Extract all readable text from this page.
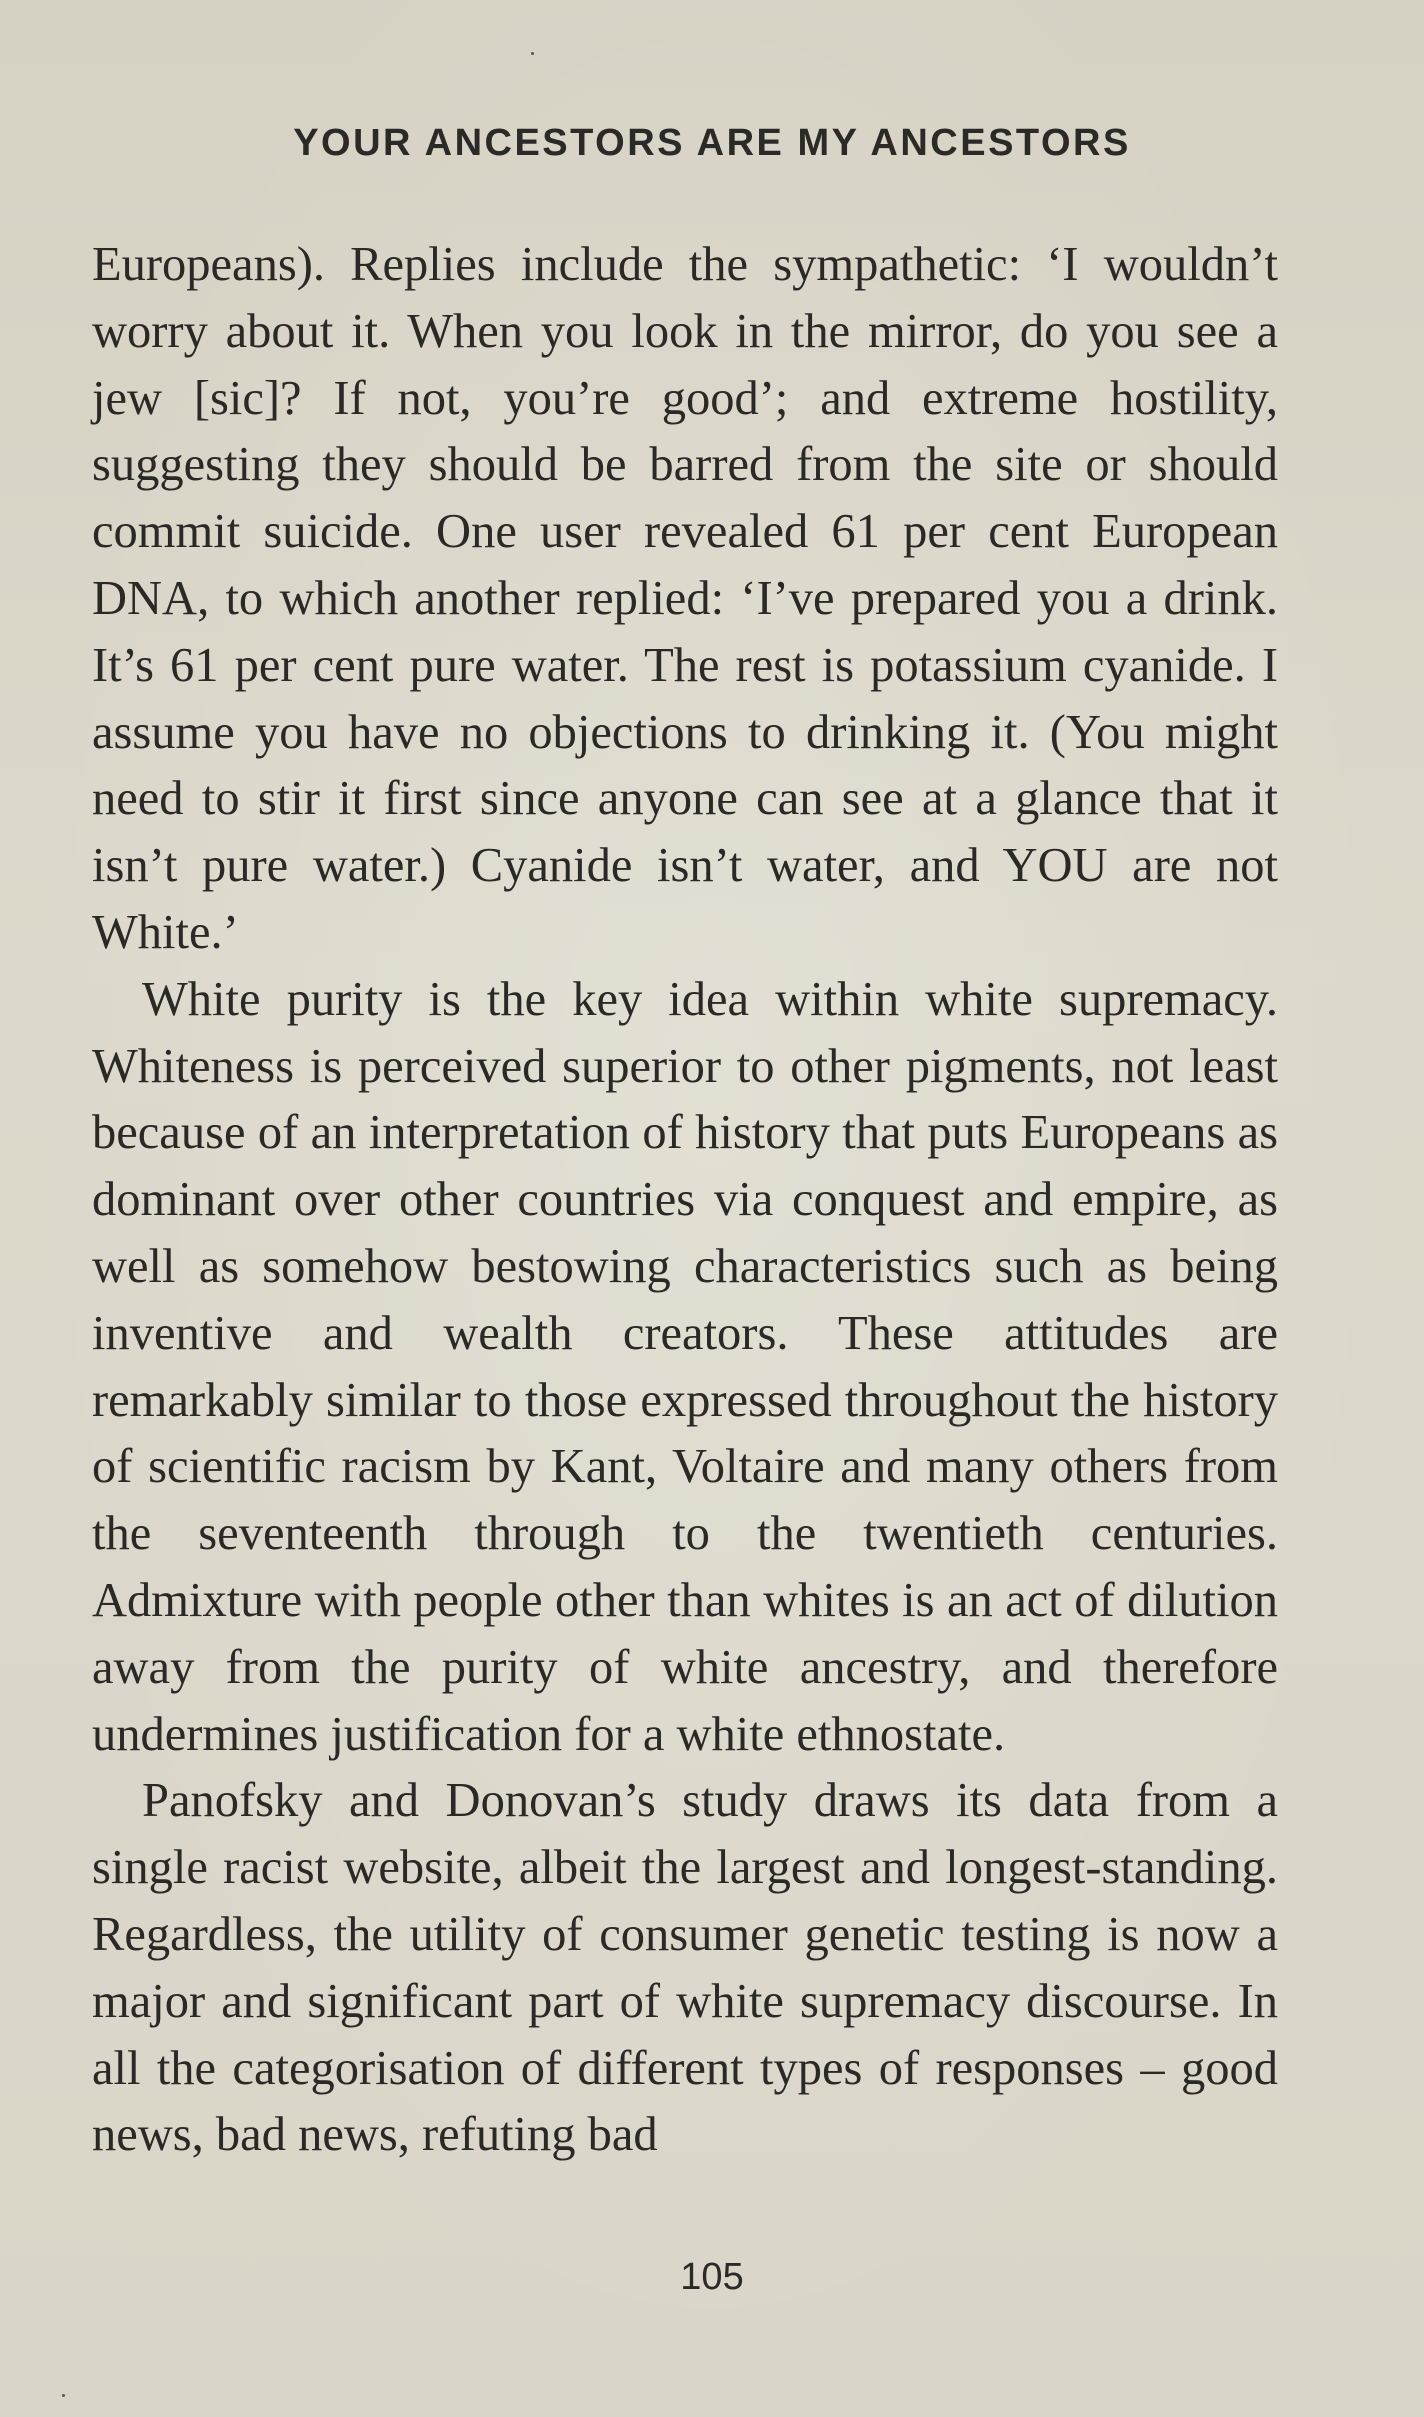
YOUR ANCESTORS ARE MY ANCESTORS

Europeans). Replies include the sympathetic: ‘I wouldn’t worry about it. When you look in the mirror, do you see a jew [sic]? If not, you’re good’; and extreme hostility, suggesting they should be barred from the site or should commit suicide. One user revealed 61 per cent European DNA, to which another replied: ‘I’ve prepared you a drink. It’s 61 per cent pure water. The rest is potassium cyanide. I assume you have no objections to drinking it. (You might need to stir it first since anyone can see at a glance that it isn’t pure water.) Cyanide isn’t water, and YOU are not White.’

White purity is the key idea within white supremacy. Whiteness is perceived superior to other pigments, not least because of an interpretation of history that puts Europeans as dominant over other countries via conquest and empire, as well as somehow bestowing characteristics such as being inventive and wealth creators. These attitudes are remarkably similar to those expressed throughout the history of scientific racism by Kant, Voltaire and many others from the seventeenth through to the twentieth centuries. Admixture with people other than whites is an act of dilution away from the purity of white ancestry, and therefore undermines justification for a white ethnostate.

Panofsky and Donovan’s study draws its data from a single racist website, albeit the largest and longest-standing. Regardless, the utility of consumer genetic testing is now a major and significant part of white supremacy discourse. In all the categorisation of different types of responses – good news, bad news, refuting bad

105
